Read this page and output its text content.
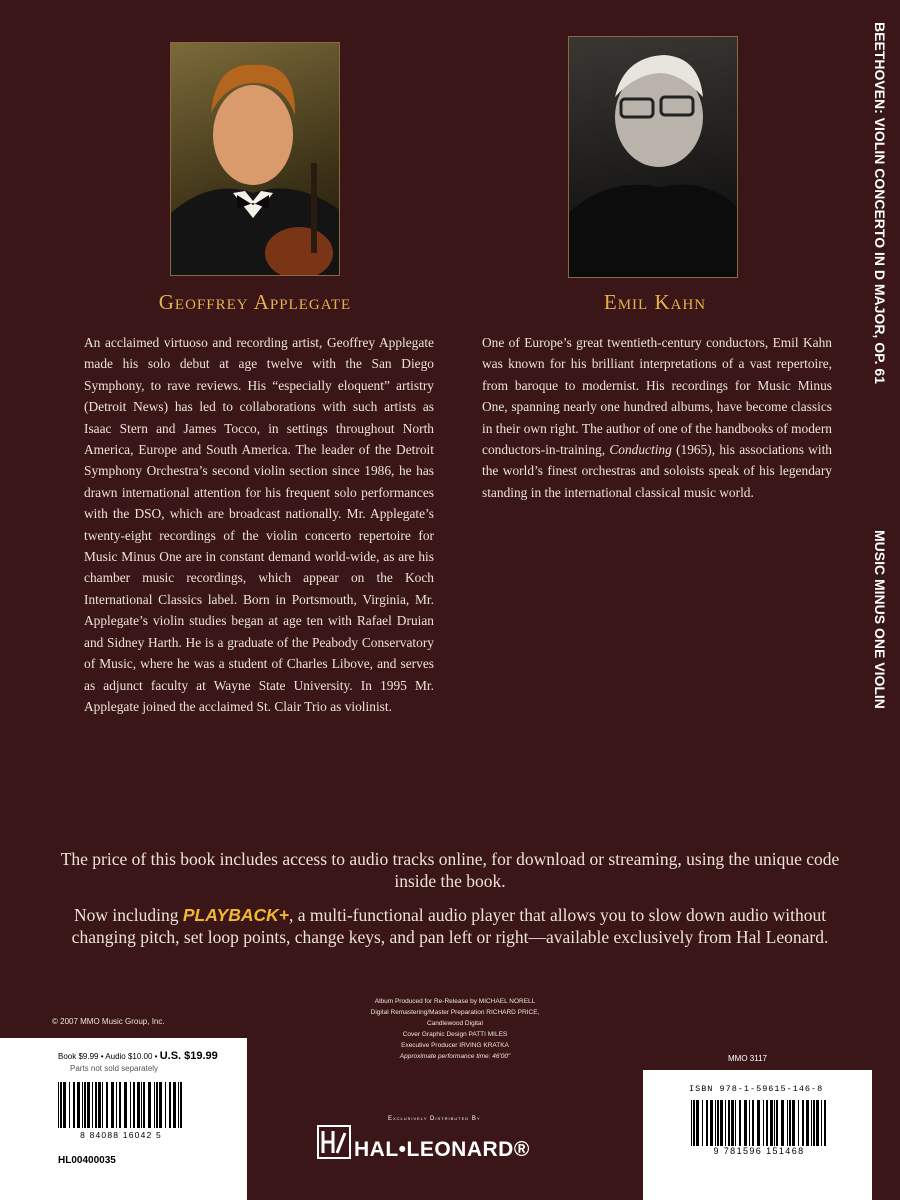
BEETHOVEN: VIOLIN CONCERTO IN D MAJOR, OP. 61
MUSIC MINUS ONE VIOLIN
Geoffrey Applegate	Emil Kahn
An acclaimed virtuoso and recording artist, Geoffrey Applegate made his solo debut at age twelve with the San Diego Symphony, to rave reviews. His “especially eloquent” artistry (Detroit News) has led to collaborations with such artists as Isaac Stern and James Tocco, in settings throughout North America, Europe and South America. The leader of the Detroit Symphony Orchestra’s second violin section since 1986, he has drawn international attention for his frequent solo performances with the DSO, which are broadcast nationally. Mr. Applegate’s twenty-eight recordings of the violin concerto repertoire for Music Minus One are in constant demand world-wide, as are his chamber music recordings, which appear on the Koch International Classics label. Born in Portsmouth, Virginia, Mr. Applegate’s violin studies began at age ten with Rafael Druian and Sidney Harth. He is a graduate of the Peabody Conservatory of Music, where he was a student of Charles Libove, and serves as adjunct faculty at Wayne State University. In 1995 Mr. Applegate joined the acclaimed St. Clair Trio as violinist.
One of Europe’s great twentieth-century conductors, Emil Kahn was known for his brilliant interpretations of a vast repertoire, from baroque to modernist. His recordings for Music Minus One, spanning nearly one hundred albums, have become classics in their own right. The author of one of the handbooks of modern conductors-in-training, Conducting (1965), his associations with the world’s finest orchestras and soloists speak of his legendary standing in the international classical music world.
The price of this book includes access to audio tracks online, for download or streaming, using the unique code inside the book.
Now including PLAYBACK+, a multi-functional audio player that allows you to slow down audio without changing pitch, set loop points, change keys, and pan left or right—available exclusively from Hal Leonard.
Album Produced for Re-Release by MICHAEL NORELL
Digital Remastering/Master Preparation RICHARD PRICE,
Candlewood Digital
Cover Graphic Design PATTI MILES
Executive Producer IRVING KRATKA
Approximate performance time: 46'00"
© 2007 MMO Music Group, Inc.
MMO 3117
Book $9.99 • Audio $10.00 • U.S. $19.99
Parts not sold separately
8 84088 16042 5
HL00400035
ISBN 978-1-59615-146-8
9 781596 151468
Exclusively Distributed By
HAL•LEONARD®
